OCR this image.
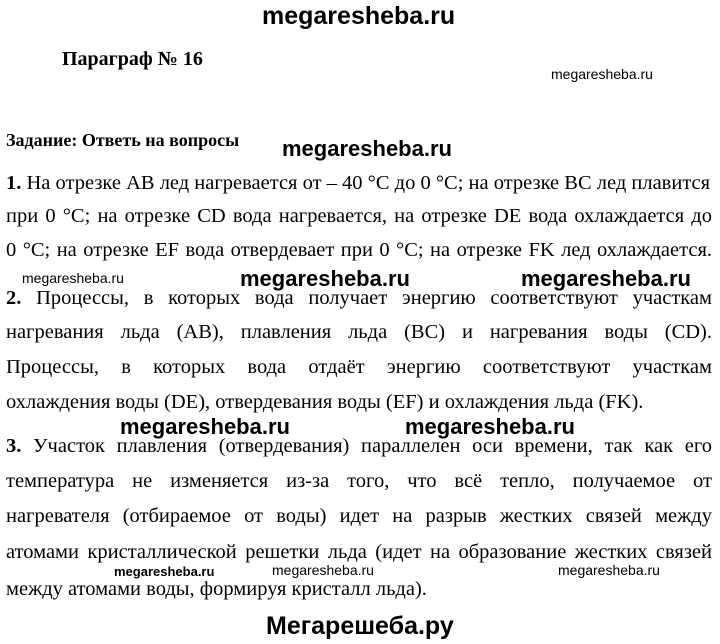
megaresheba.ru
megaresheba.ru
megaresheba.ru
megaresheba.ru	megaresheba.ru	megaresheba.ru
megaresheba.ru	megaresheba.ru
megaresheba.ru	megaresheba.ru	megaresheba.ru
Мегарешеба.ру
Параграф № 16
Задание: Ответь на вопросы
1. На отрезке АВ лед нагревается от – 40 °С до 0 °С; на отрезке ВС лед плавится
при 0 °С; на отрезке CD вода нагревается, на отрезке DE вода охлаждается до
0 °С; на отрезке EF вода отвердевает при 0 °С; на отрезке FK лед охлаждается.
2. Процессы, в которых вода получает энергию соответствуют участкам
нагревания льда (АВ), плавления льда (ВС) и нагревания воды (CD).
Процессы, в которых вода отдаёт энергию соответствуют участкам
охлаждения воды (DE), отвердевания воды (EF) и охлаждения льда (FK).
3. Участок плавления (отвердевания) параллелен оси времени, так как его
температура не изменяется из-за того, что всё тепло, получаемое от
нагревателя (отбираемое от воды) идет на разрыв жестких связей между
атомами кристаллической решетки льда (идет на образование жестких связей
между атомами воды, формируя кристалл льда).
